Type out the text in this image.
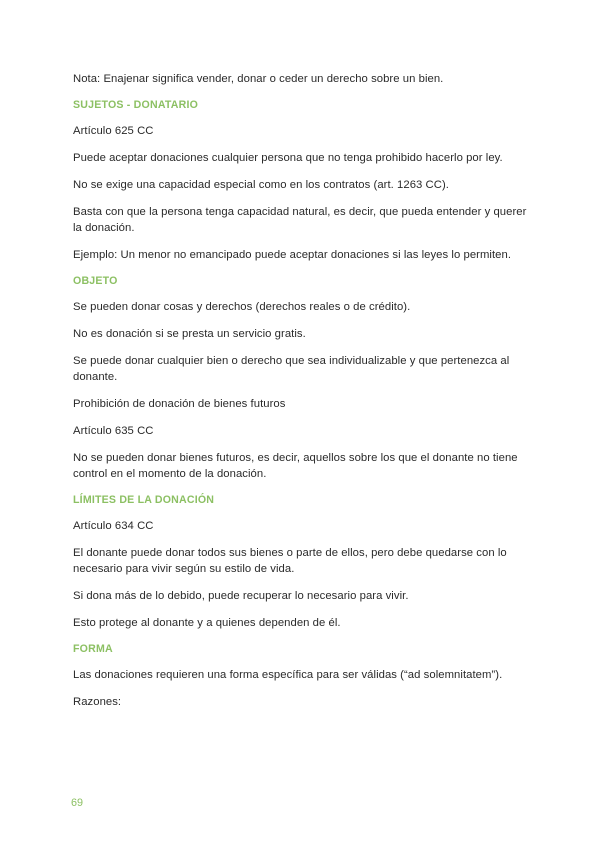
Nota: Enajenar significa vender, donar o ceder un derecho sobre un bien.

SUJETOS - DONATARIO

Artículo 625 CC

Puede aceptar donaciones cualquier persona que no tenga prohibido hacerlo por ley.

No se exige una capacidad especial como en los contratos (art. 1263 CC).

Basta con que la persona tenga capacidad natural, es decir, que pueda entender y querer la donación.

Ejemplo: Un menor no emancipado puede aceptar donaciones si las leyes lo permiten.

OBJETO

Se pueden donar cosas y derechos (derechos reales o de crédito).

No es donación si se presta un servicio gratis.

Se puede donar cualquier bien o derecho que sea individualizable y que pertenezca al donante.

Prohibición de donación de bienes futuros

Artículo 635 CC

No se pueden donar bienes futuros, es decir, aquellos sobre los que el donante no tiene control en el momento de la donación.

LÍMITES DE LA DONACIÓN

Artículo 634 CC

El donante puede donar todos sus bienes o parte de ellos, pero debe quedarse con lo necesario para vivir según su estilo de vida.

Si dona más de lo debido, puede recuperar lo necesario para vivir.

Esto protege al donante y a quienes dependen de él.

FORMA

Las donaciones requieren una forma específica para ser válidas (“ad solemnitatem”).

Razones:

69
